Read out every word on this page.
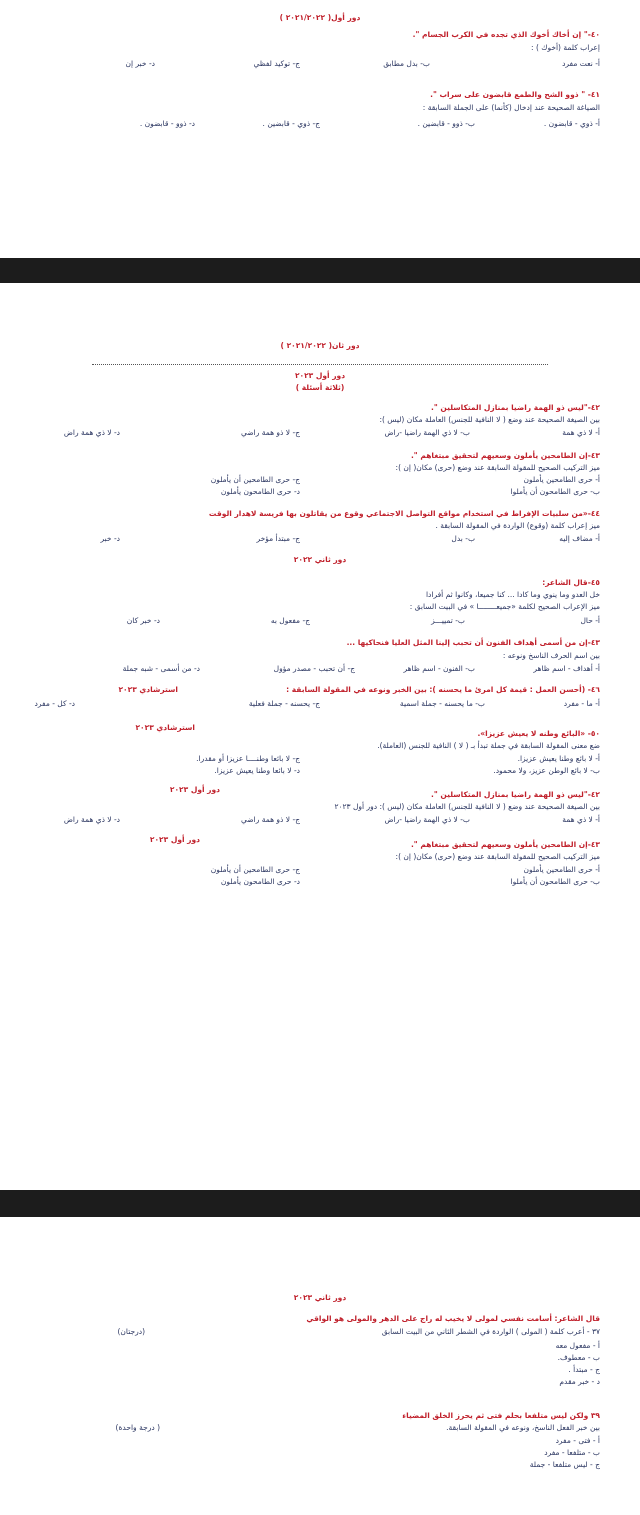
دور أول( ٢٠٢١/٢٠٢٢ )
٤٠-" إن أخاك أخوك الذي تجده في الكرب الجسام ".
إعراب كلمة (أخوك ) :
أ- نعت مفرد
ب- بدل مطابق
ج- توكيد لفظي
د- خبر إن
٤١- " ذوو الشح والطمع قابضون على سراب ".
الصياغة الصحيحة عند إدخال (كأنما) على الجملة السابقة :
أ- ذوي - قابضون .
ب- ذوو - قابضين .
ج- ذوي - قابضين .
د- ذوو - قابضون .
دور ثان( ٢٠٢١/٢٠٢٢ )
دور أول ٢٠٢٣
(ثلاثة أسئلة )
٤٢-"ليس ذو الهمة راضيا بمنازل المتكاسلين ".
بين الصيغة الصحيحة عند وضع ( لا النافية للجنس) العاملة مكان (ليس ):
أ- لا ذي همة
ب- لا ذي الهمة راضيا -راض
ج- لا ذو همة راضي
د- لا ذي همة راض
٤٣-إن الطامحين يأملون وسعيهم لتحقيق مبتغاهم ".
ميز التركيب الصحيح للمقولة السابقة عند وضع (حرى) مكان( إن ):
أ- حرى الطامحين يأملون
ج- حرى الطامحين أن يأملون
ب- حرى الطامحون أن يأملوا
د- حرى الطامحون يأملون
٤٤-«من سلبيات الإفراط في استخدام مواقع التواصل الاجتماعي وقوع من يقاتلون بها فريسة لاهدار الوقت
ميز إعراب كلمة (وقوع) الواردة في المقولة السابقة .
أ- مضاف إليه
ب- بدل
ج- مبتدأ مؤخر
د- خبر
دور ثاني ٢٠٢٢
٤٥-قال الشاعر:
خل العدو وما ينوي وما كادا ... كنا جميعا، وكانوا ثم أفرادا
ميز الإعراب الصحيح لكلمة «جميعــــــــا » في البيت السابق :
أ- حال
ب- تمييـــز
ج- مفعول به
د- خبر كان
٤٣-إن من أسمى أهداف الفنون أن تحبب إلينا المثل العليا فنحاكيها ...
بين اسم الحرف الناسخ ونوعه :
أ- أهداف - اسم ظاهر
ب- الفنون - اسم ظاهر
ج- أن تحبب - مصدر مؤول
د- من أسمى - شبه جملة
٤٦- (أحسن العمل : قيمة كل امرئ ما يحسنه ): بين الخبر ونوعه في المقولة السابقة :
استرشادي ٢٠٢٣
أ- ما - مفرد
ب- ما يحسنه - جملة اسمية
ج- يحسنه - جملة فعلية
د- كل - مفرد
استرشادي ٢٠٢٣
٥٠- «البائع وطنه لا يعيش عزيزا».
ضع معنى المقولة السابقة في جملة تبدأ بـ ( لا ) النافية للجنس (العاملة).
أ- لا بائع وطنا يعيش عزيزا.
ج- لا بائعا وطنــــا عزيزا أو مقدرا.
ب- لا بائع الوطن عزيز، ولا محمود.
د- لا بائعا وطنا يعيش عزيزا.
دور أول ٢٠٢٣
٤٢-"ليس ذو الهمة راضيا بمنازل المتكاسلين ".
بين الصيغة الصحيحة عند وضع ( لا النافية للجنس) العاملة مكان (ليس ): دور أول ٢٠٢٣
أ- لا ذي همة
ب- لا ذي الهمة راضيا -راض
ج- لا ذو همة راضي
د- لا ذي همة راض
دور أول ٢٠٢٣
٤٣-إن الطامحين يأملون وسعيهم لتحقيق مبتغاهم ".
ميز التركيب الصحيح للمقولة السابقة عند وضع (حرى) مكان( إن ):
أ- حرى الطامحين يأملون
ج- حرى الطامحين أن يأملون
ب- حرى الطامحون أن يأملوا
د- حرى الطامحون يأملون
دور ثاني ٢٠٢٣
قال الشاعر: أسامت نفسي لمولى لا يخيب له راج على الدهر والمولى هو الواقي
٣٧ - أعرب كلمة ( المولى ) الواردة في الشطر الثاني من البيت السابق
(درجتان)
أ - مفعول معه
ب - معطوف.
ج - مبتدأ .
د - خبر مقدم
٣٩ ولكن ليس متلفعا بحلم فتى ثم يحرز الخلق المضياء
بين خبر الفعل الناسخ، ونوعه في المقولة السابقة.
( درجة واحدة)
أ - فتى - مفرد
ب - متلفعا - مفرد
ج - ليس متلفعا - جملة
